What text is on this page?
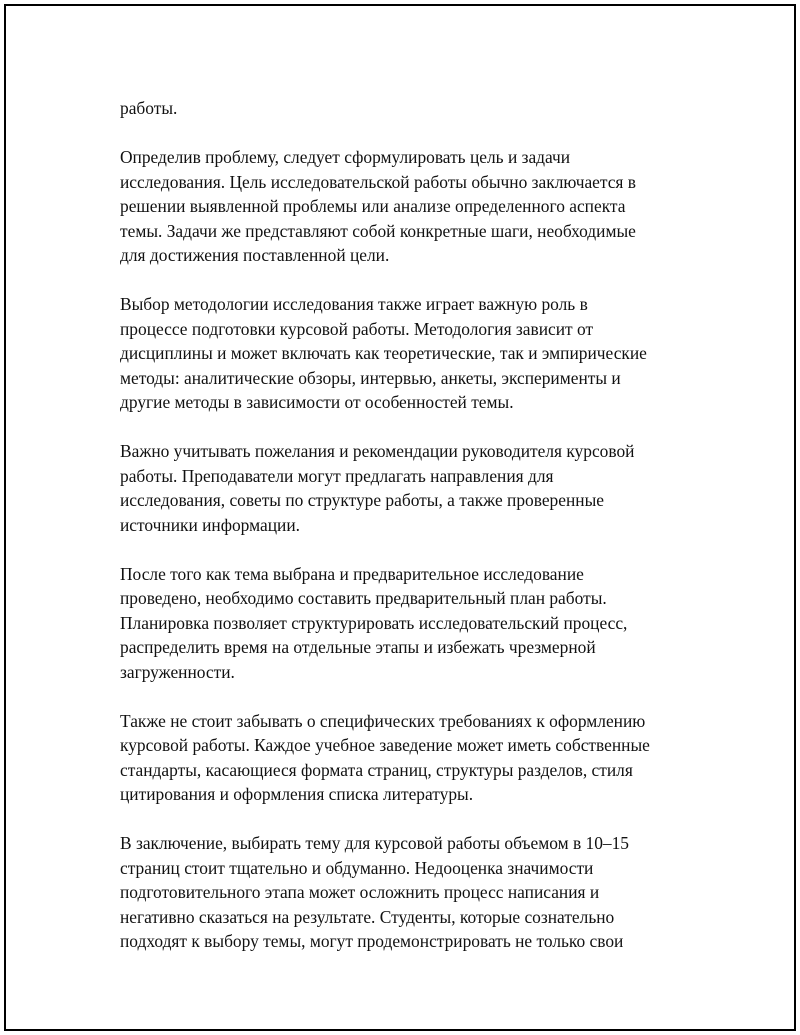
работы.
Определив проблему, следует сформулировать цель и задачи
исследования. Цель исследовательской работы обычно заключается в
решении выявленной проблемы или анализе определенного аспекта
темы. Задачи же представляют собой конкретные шаги, необходимые
для достижения поставленной цели.
Выбор методологии исследования также играет важную роль в
процессе подготовки курсовой работы. Методология зависит от
дисциплины и может включать как теоретические, так и эмпирические
методы: аналитические обзоры, интервью, анкеты, эксперименты и
другие методы в зависимости от особенностей темы.
Важно учитывать пожелания и рекомендации руководителя курсовой
работы. Преподаватели могут предлагать направления для
исследования, советы по структуре работы, а также проверенные
источники информации.
После того как тема выбрана и предварительное исследование
проведено, необходимо составить предварительный план работы.
Планировка позволяет структурировать исследовательский процесс,
распределить время на отдельные этапы и избежать чрезмерной
загруженности.
Также не стоит забывать о специфических требованиях к оформлению
курсовой работы. Каждое учебное заведение может иметь собственные
стандарты, касающиеся формата страниц, структуры разделов, стиля
цитирования и оформления списка литературы.
В заключение, выбирать тему для курсовой работы объемом в 10–15
страниц стоит тщательно и обдуманно. Недооценка значимости
подготовительного этапа может осложнить процесс написания и
негативно сказаться на результате. Студенты, которые сознательно
подходят к выбору темы, могут продемонстрировать не только свои
